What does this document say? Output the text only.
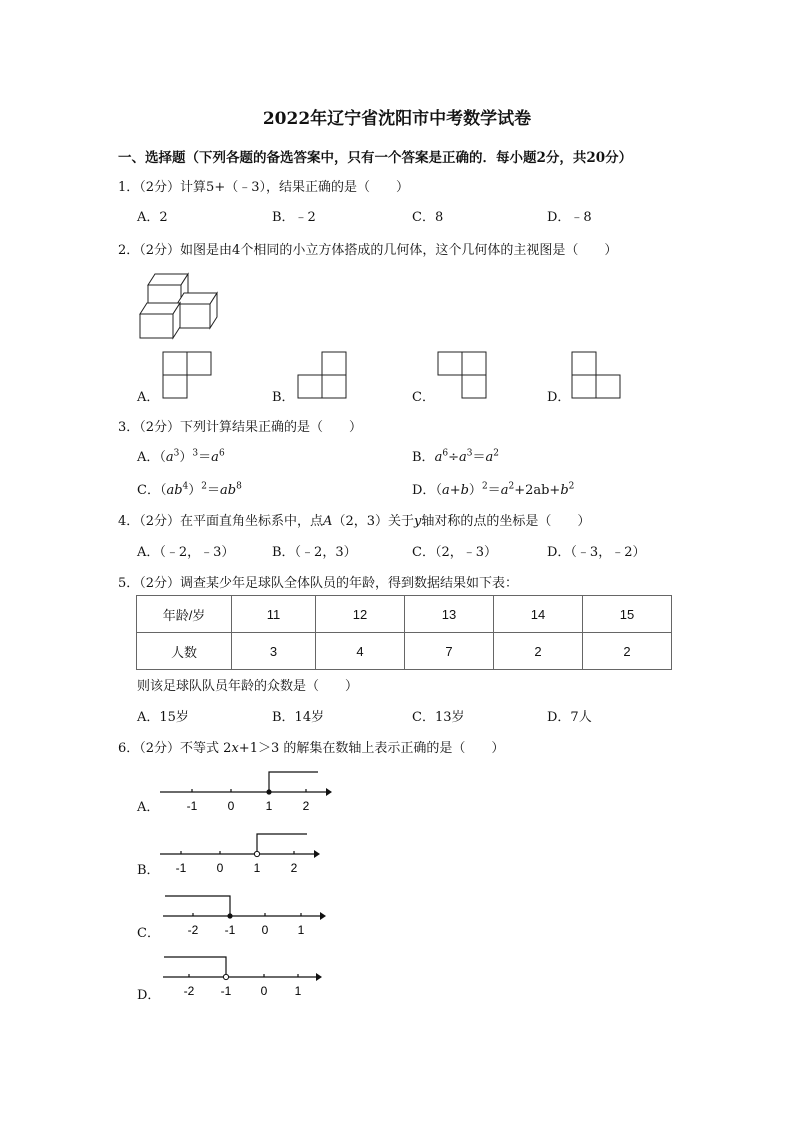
2022年辽宁省沈阳市中考数学试卷
一、选择题（下列各题的备选答案中，只有一个答案是正确的．每小题2分，共20分）
1．（2分）计算5+（﹣3），结果正确的是（　　）
A．2	B．﹣2	C．8	D．﹣8
2．（2分）如图是由4个相同的小立方体搭成的几何体，这个几何体的主视图是（　　）
A．	B．	C．	D．
3．（2分）下列计算结果正确的是（　　）
A．$(a^3)^3=a^6$	B．$a^6\div a^3=a^2$
C．$(ab^4)^2=ab^8$	D．$(a+b)^2=a^2+2ab+b^2$
4．（2分）在平面直角坐标系中，点A（2，3）关于y轴对称的点的坐标是（　　）
A．（﹣2，﹣3）	B．（﹣2，3）	C．（2，﹣3）	D．（﹣3，﹣2）
5．（2分）调查某少年足球队全体队员的年龄，得到数据结果如下表：
年龄/岁	11	12	13	14	15
人数	3	4	7	2	2
则该足球队队员年龄的众数是（　　）
A．15岁	B．14岁	C．13岁	D．7人
6．（2分）不等式 2x+1＞3 的解集在数轴上表示正确的是（　　）
A． -1	0	1	2
B． -1	0	1	2
C． -2 -1 0 1
D． -2 -1 0 1
